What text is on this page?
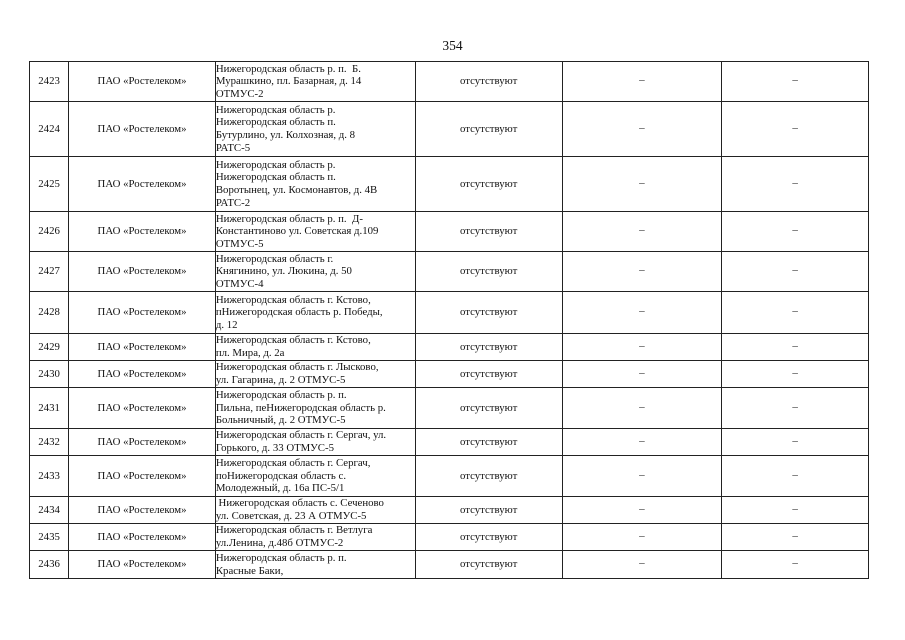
354
2423	ПАО «Ростелеком»	Нижегородская область р. п.  Б.
Мурашкино, пл. Базарная, д. 14
ОТМУС-2	отсутствуют	–	–
2424	ПАО «Ростелеком»	Нижегородская область р.
Нижегородская область п.
Бутурлино, ул. Колхозная, д. 8
РАТС-5	отсутствуют	–	–
2425	ПАО «Ростелеком»	Нижегородская область р.
Нижегородская область п.
Воротынец, ул. Космонавтов, д. 4В
РАТС-2	отсутствуют	–	–
2426	ПАО «Ростелеком»	Нижегородская область р. п.  Д-
Константиново ул. Советская д.109
ОТМУС-5	отсутствуют	–	–
2427	ПАО «Ростелеком»	Нижегородская область г.
Княгинино, ул. Люкина, д. 50
ОТМУС-4	отсутствуют	–	–
2428	ПАО «Ростелеком»	Нижегородская область г. Кстово,
пНижегородская область р. Победы,
д. 12	отсутствуют	–	–
2429	ПАО «Ростелеком»	Нижегородская область г. Кстово,
пл. Мира, д. 2а	отсутствуют	–	–
2430	ПАО «Ростелеком»	Нижегородская область г. Лысково,
ул. Гагарина, д. 2 ОТМУС-5	отсутствуют	–	–
2431	ПАО «Ростелеком»	Нижегородская область р. п.
Пильна, пеНижегородская область р.
Больничный, д. 2 ОТМУС-5	отсутствуют	–	–
2432	ПАО «Ростелеком»	Нижегородская область г. Сергач, ул.
Горького, д. 33 ОТМУС-5	отсутствуют	–	–
2433	ПАО «Ростелеком»	Нижегородская область г. Сергач,
поНижегородская область с.
Молодежный, д. 16а ПС-5/1	отсутствуют	–	–
2434	ПАО «Ростелеком»	Нижегородская область с. Сеченово
ул. Советская, д. 23 А ОТМУС-5	отсутствуют	–	–
2435	ПАО «Ростелеком»	Нижегородская область г. Ветлуга
ул.Ленина, д.48б ОТМУС-2	отсутствуют	–	–
2436	ПАО «Ростелеком»	Нижегородская область р. п.
Красные Баки,	отсутствуют	–	–
